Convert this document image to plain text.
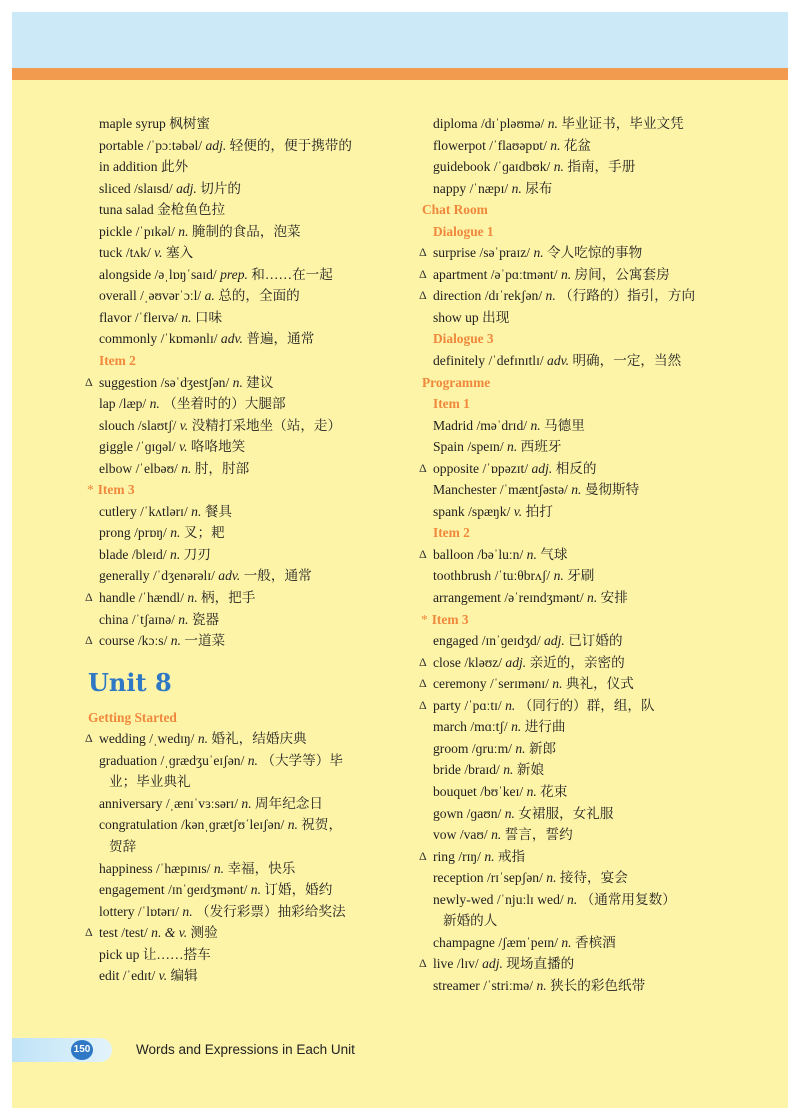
maple syrup 枫树蜜
portable /ˈpɔːtəbəl/ adj. 轻便的，便于携带的
in addition 此外
sliced /slaɪsd/ adj. 切片的
tuna salad 金枪鱼色拉
pickle /ˈpɪkəl/ n. 腌制的食品，泡菜
tuck /tʌk/ v. 塞入
alongside /əˌlɒŋˈsaɪd/ prep. 和……在一起
overall /ˌəʊvərˈɔːl/ a. 总的，全面的
flavor /ˈfleɪvə/ n. 口味
commonly /ˈkɒmənlɪ/ adv. 普遍，通常
Item 2
Δ suggestion /səˈdʒestʃən/ n. 建议
lap /læp/ n. （坐着时的）大腿部
slouch /slaʊtʃ/ v. 没精打采地坐（站，走）
giggle /ˈɡɪɡəl/ v. 咯咯地笑
elbow /ˈelbəʊ/ n. 肘，肘部
* Item 3
cutlery /ˈkʌtlərɪ/ n. 餐具
prong /prɒŋ/ n. 叉；耙
blade /bleɪd/ n. 刀刃
generally /ˈdʒenərəlɪ/ adv. 一般，通常
Δ handle /ˈhændl/ n. 柄，把手
china /ˈtʃaɪnə/ n. 瓷器
Δ course /kɔːs/ n. 一道菜
Unit 8
Getting Started
Δ wedding /ˌwedɪŋ/ n. 婚礼，结婚庆典
graduation /ˌɡrædʒuˈeɪʃən/ n. （大学等）毕
业；毕业典礼
anniversary /ˌænɪˈvɜːsərɪ/ n. 周年纪念日
congratulation /kənˌɡrætʃʊˈleɪʃən/ n. 祝贺，
贺辞
happiness /ˈhæpɪnɪs/ n. 幸福，快乐
engagement /ɪnˈɡeɪdʒmənt/ n. 订婚，婚约
lottery /ˈlɒtərɪ/ n. （发行彩票）抽彩给奖法
Δ test /test/ n. & v. 测验
pick up 让……搭车
edit /ˈedɪt/ v. 编辑
diploma /dɪˈpləʊmə/ n. 毕业证书，毕业文凭
flowerpot /ˈflaʊəpɒt/ n. 花盆
guidebook /ˈɡaɪdbʊk/ n. 指南，手册
nappy /ˈnæpɪ/ n. 尿布
Chat Room
Dialogue 1
Δ surprise /səˈpraɪz/ n. 令人吃惊的事物
Δ apartment /əˈpɑːtmənt/ n. 房间，公寓套房
Δ direction /dɪˈrekʃən/ n. （行路的）指引，方向
show up 出现
Dialogue 3
definitely /ˈdefɪnɪtlɪ/ adv. 明确，一定，当然
Programme
Item 1
Madrid /məˈdrɪd/ n. 马德里
Spain /speɪn/ n. 西班牙
Δ opposite /ˈɒpəzɪt/ adj. 相反的
Manchester /ˈmæntʃəstə/ n. 曼彻斯特
spank /spæŋk/ v. 拍打
Item 2
Δ balloon /bəˈluːn/ n. 气球
toothbrush /ˈtuːθbrʌʃ/ n. 牙刷
arrangement /əˈreɪndʒmənt/ n. 安排
* Item 3
engaged /ɪnˈɡeɪdʒd/ adj. 已订婚的
Δ close /kləʊz/ adj. 亲近的，亲密的
Δ ceremony /ˈserɪmənɪ/ n. 典礼，仪式
Δ party /ˈpɑːtɪ/ n. （同行的）群，组，队
march /mɑːtʃ/ n. 进行曲
groom /ɡruːm/ n. 新郎
bride /braɪd/ n. 新娘
bouquet /bʊˈkeɪ/ n. 花束
gown /ɡaʊn/ n. 女裙服，女礼服
vow /vaʊ/ n. 誓言，誓约
Δ ring /rɪŋ/ n. 戒指
reception /rɪˈsepʃən/ n. 接待，宴会
newly-wed /ˈnjuːlɪ wed/ n. （通常用复数）
新婚的人
champagne /ʃæmˈpeɪn/ n. 香槟酒
Δ live /lɪv/ adj. 现场直播的
streamer /ˈstriːmə/ n. 狭长的彩色纸带
150	Words and Expressions in Each Unit
